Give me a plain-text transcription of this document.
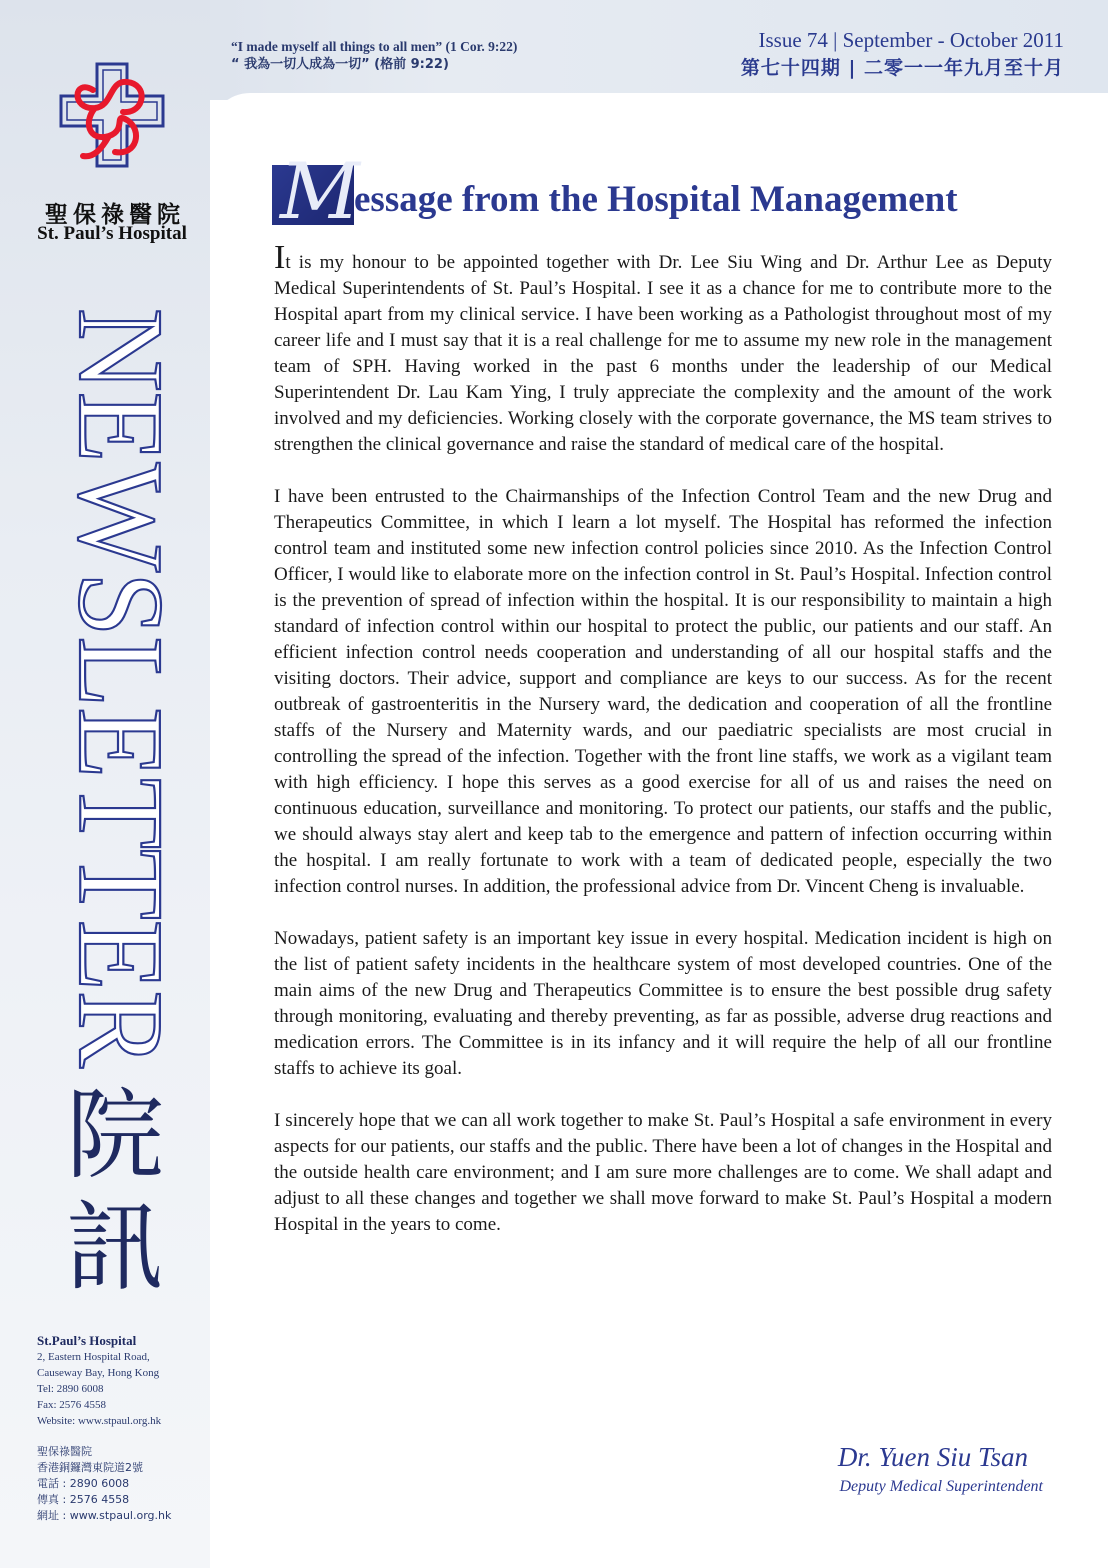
“I made myself all things to all men” (1 Cor. 9:22)
“ 我為一切人成為一切” (格前 9:22)
Issue 74 | September - October 2011
第七十四期 | 二零一一年九月至十月
聖保祿醫院
St. Paul’s Hospital
NEWSLETTER
院
訊
St.Paul’s Hospital
2, Eastern Hospital Road,
Causeway Bay, Hong Kong
Tel: 2890 6008
Fax: 2576 4558
Website: www.stpaul.org.hk
聖保祿醫院
香港銅鑼灣東院道2號
電話 : 2890 6008
傳真 : 2576 4558
網址 : www.stpaul.org.hk
M
essage from the Hospital Management

It is my honour to be appointed together with Dr. Lee Siu Wing and Dr. Arthur Lee as Deputy Medical Superintendents of St. Paul’s Hospital. I see it as a chance for me to contribute more to the Hospital apart from my clinical service. I have been working as a Pathologist throughout most of my career life and I must say that it is a real challenge for me to assume my new role in the management team of SPH. Having worked in the past 6 months under the leadership of our Medical Superintendent Dr. Lau Kam Ying, I truly appreciate the complexity and the amount of the work involved and my deficiencies. Working closely with the corporate governance, the MS team strives to strengthen the clinical governance and raise the standard of medical care of the hospital.

I have been entrusted to the Chairmanships of the Infection Control Team and the new Drug and Therapeutics Committee, in which I learn a lot myself. The Hospital has reformed the infection control team and instituted some new infection control policies since 2010. As the Infection Control Officer, I would like to elaborate more on the infection control in St. Paul’s Hospital. Infection control is the prevention of spread of infection within the hospital. It is our responsibility to maintain a high standard of infection control within our hospital to protect the public, our patients and our staff. An efficient infection control needs cooperation and understanding of all our hospital staffs and the visiting doctors. Their advice, support and compliance are keys to our success. As for the recent outbreak of gastroenteritis in the Nursery ward, the dedication and cooperation of all the frontline staffs of the Nursery and Maternity wards, and our paediatric specialists are most crucial in controlling the spread of the infection. Together with the front line staffs, we work as a vigilant team with high efficiency. I hope this serves as a good exercise for all of us and raises the need on continuous education, surveillance and monitoring. To protect our patients, our staffs and the public, we should always stay alert and keep tab to the emergence and pattern of infection occurring within the hospital. I am really fortunate to work with a team of dedicated people, especially the two infection control nurses. In addition, the professional advice from Dr. Vincent Cheng is invaluable.

Nowadays, patient safety is an important key issue in every hospital. Medication incident is high on the list of patient safety incidents in the healthcare system of most developed countries. One of the main aims of the new Drug and Therapeutics Committee is to ensure the best possible drug safety through monitoring, evaluating and thereby preventing, as far as possible, adverse drug reactions and medication errors. The Committee is in its infancy and it will require the help of all our frontline staffs to achieve its goal.

I sincerely hope that we can all work together to make St. Paul’s Hospital a safe environment in every aspects for our patients, our staffs and the public. There have been a lot of changes in the Hospital and the outside health care environment; and I am sure more challenges are to come. We shall adapt and adjust to all these changes and together we shall move forward to make St. Paul’s Hospital a modern Hospital in the years to come.

Dr. Yuen Siu Tsan
Deputy Medical Superintendent
